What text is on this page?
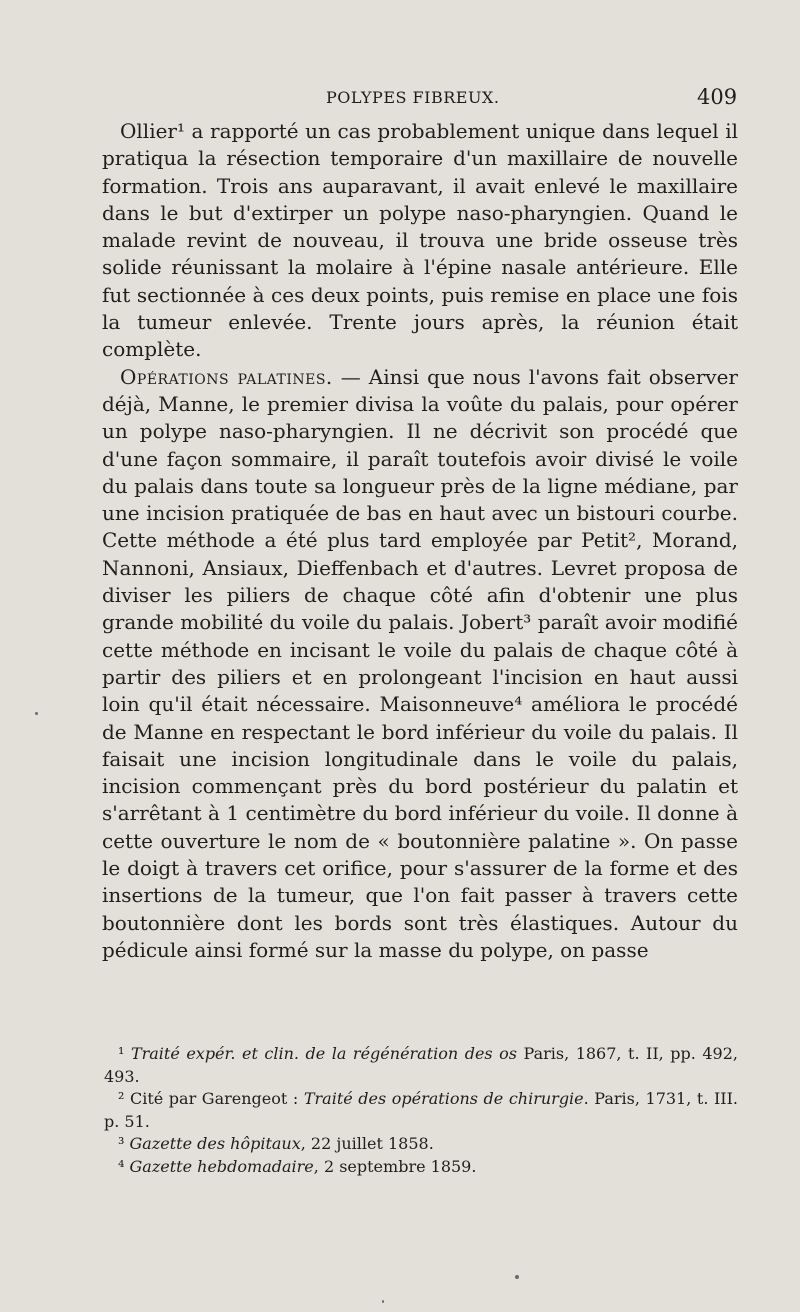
POLYPES FIBREUX.	409

Ollier¹ a rapporté un cas probablement unique dans lequel il pratiqua la résection temporaire d'un maxillaire de nouvelle formation. Trois ans auparavant, il avait enlevé le maxillaire dans le but d'extirper un polype naso-pharyngien. Quand le malade revint de nouveau, il trouva une bride osseuse très solide réunissant la molaire à l'épine nasale antérieure. Elle fut sectionnée à ces deux points, puis remise en place une fois la tumeur enlevée. Trente jours après, la réunion était complète.

Opérations palatines. — Ainsi que nous l'avons fait observer déjà, Manne, le premier divisa la voûte du palais, pour opérer un polype naso-pharyngien. Il ne décrivit son procédé que d'une façon sommaire, il paraît toutefois avoir divisé le voile du palais dans toute sa longueur près de la ligne médiane, par une incision pratiquée de bas en haut avec un bistouri courbe. Cette méthode a été plus tard employée par Petit², Morand, Nannoni, Ansiaux, Dieffenbach et d'autres. Levret proposa de diviser les piliers de chaque côté afin d'obtenir une plus grande mobilité du voile du palais. Jobert³ paraît avoir modifié cette méthode en incisant le voile du palais de chaque côté à partir des piliers et en prolongeant l'incision en haut aussi loin qu'il était nécessaire. Maisonneuve⁴ améliora le procédé de Manne en respectant le bord inférieur du voile du palais. Il faisait une incision longitudinale dans le voile du palais, incision commençant près du bord postérieur du palatin et s'arrêtant à 1 centimètre du bord inférieur du voile. Il donne à cette ouverture le nom de « boutonnière palatine ». On passe le doigt à travers cet orifice, pour s'assurer de la forme et des insertions de la tumeur, que l'on fait passer à travers cette boutonnière dont les bords sont très élastiques. Autour du pédicule ainsi formé sur la masse du polype, on passe

¹ Traité expér. et clin. de la régénération des os Paris, 1867, t. II, pp. 492, 493.

² Cité par Garengeot : Traité des opérations de chirurgie. Paris, 1731, t. III. p. 51.

³ Gazette des hôpitaux, 22 juillet 1858.

⁴ Gazette hebdomadaire, 2 septembre 1859.
